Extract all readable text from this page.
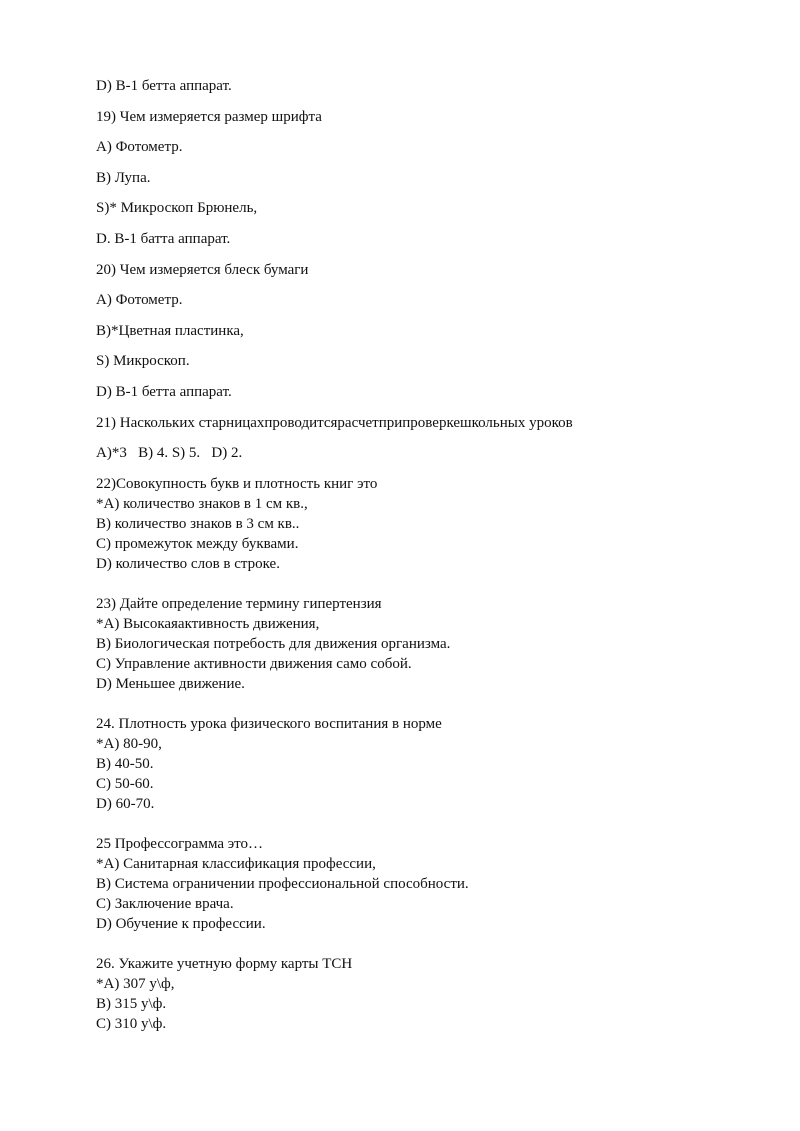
D) B-1 бетта аппарат.
19) Чем измеряется размер шрифта
А) Фотометр.
B) Лупа.
S)* Микроскоп Брюнель,
D. B-1 батта аппарат.
20) Чем измеряется блеск бумаги
А) Фотометр.
B)*Цветная пластинка,
S) Микроскоп.
D) B-1 бетта аппарат.
21) Наскольких старницахпроводитсярасчетприпроверкешкольных уроков
A)*3   B) 4. S) 5.   D) 2.
22)Совокупность букв и плотность книг это
*A) количество знаков в 1 см кв.,
B) количество знаков в 3 см кв..
C) промежуток между буквами.
D) количество слов в строке.
23) Дайте определение термину гипертензия
*A) Высокаяактивность движения,
B) Биологическая потребость для движения организма.
C) Управление активности движения само собой.
D) Меньшее движение.
24. Плотность урока физического воспитания в норме
*A) 80-90,
B) 40-50.
C) 50-60.
D) 60-70.
25 Профессограмма это…
*A) Санитарная классификация профессии,
B) Система ограничении профессиональной способности.
C) Заключение врача.
D) Обучение к профессии.
26. Укажите учетную форму карты ТСН
*A) 307 у\ф,
B) 315 у\ф.
C) 310 у\ф.
